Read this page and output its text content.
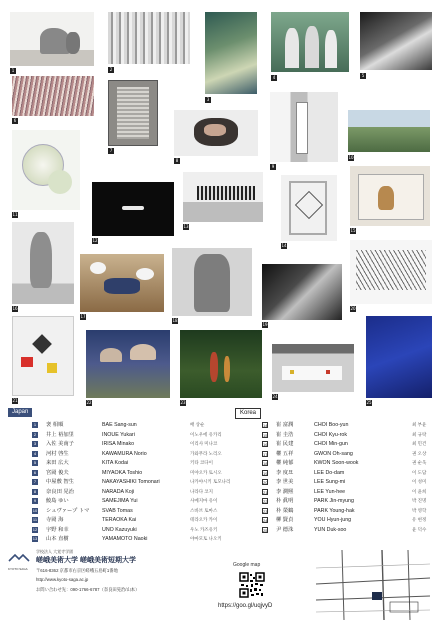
1	2
3
4	5
6
7
8
9
10
11
12
13
14
15
16
17
18
19
20
21	22	23
24
25
Japan	Korea
1	裵 相順	BAE Sang-sun	배 상순
2	井上 裕加里	INOUE Yukari	이노우에 유카리
3	入佐 美南子	IRISA Minako	이리사 미나코
4	河村 啓生	KAWAMURA Norio	가와무라 노리오
5	来田 広大	KITA Kodai	키타 코다이
6	宮岡 俊夫	MIYAOKA Toshio	미야오카 토시오
7	中屋敷 智生	NAKAYASHIKI Tomonari	나카야시키 토모나리
8	奈良田 晃治	NARADA Koji	나라다 코지
9	鮫島 ゆい	SAMEJIMA Yui	사메지마 유이
10 シュヴァープ トマ SVAB Tomas	스바브 토마스
11 寺岡 海	TERAOKA Kai	테라오카 카이
12 宇野 和幸	UNO Kazuyuki	우노 카즈유키
13 山本 直樹	YAMAMOTO Naoki	야마모토 나오키
14 崔 富潤	CHOI Boo-yun	최 부윤
15 崔 圭浩	CHOI Kyu-rok	최 규락
16 崔 民建	CHOI Min-gun	최 민건
17 權 五祥	GWON Oh-sang	권 오상
18 權 純郁	KWON Soon-wook	권 순욱
19 李 度묘	LEE Do-dam	이 도담
20 李 世美	LEE Sung-mi	이 성미
21 李 潤熙	LEE Yun-hee	이 윤희
22 朴 眞明	PARK Jin-myung	박 진명
23 朴 榮鶴	PARK Young-hak	박 영학
24 柳 賢貞	YOU Hyun-jung	유 현정
25 尹 德洙	YUN Duk-soo	윤 덕수
KYOTO SAGA
学校法人 大覚寺学園
嵯峨美術大学 嵯峨美術短期大学
〒616-8362 京都市右京区嵯峨五島町1番地
http://www.kyoto-saga.ac.jp
お問い合わせ先：090-1766-6787（奈良田晃治/山本）
Google map
https://goo.gl/uqjvyD
